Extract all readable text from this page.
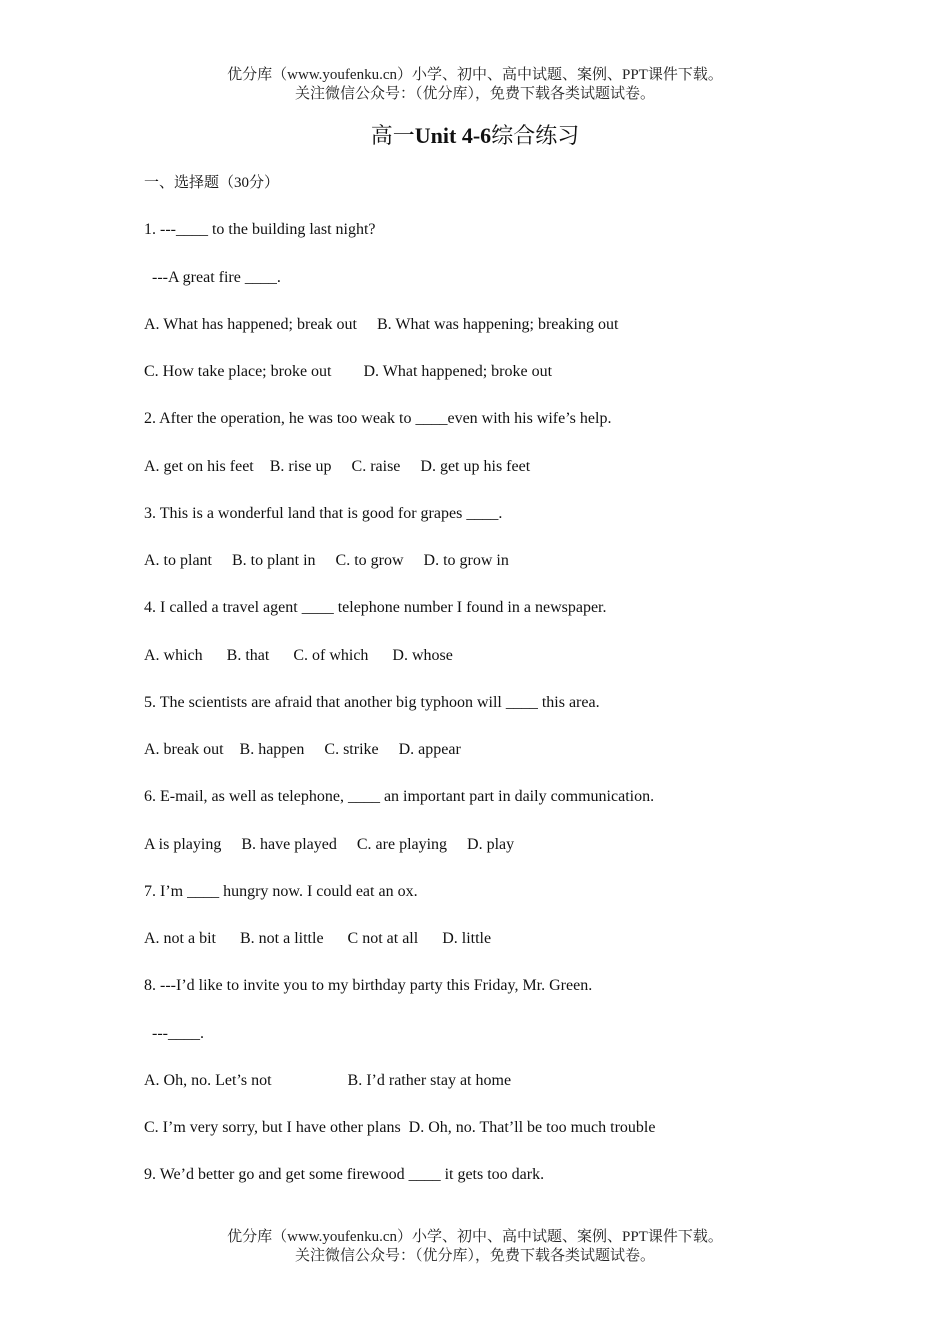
优分库（www.youfenku.cn）小学、初中、高中试题、案例、PPT课件下载。
关注微信公众号：（优分库），免费下载各类试题试卷。
高一Unit 4-6综合练习
一、选择题（30分）
1. ---____ to the building last night?
---A great fire ____.
A. What has happened; break out     B. What was happening; breaking out
C. How take place; broke out        D. What happened; broke out
2. After the operation, he was too weak to ____even with his wife’s help.
A. get on his feet    B. rise up     C. raise     D. get up his feet
3. This is a wonderful land that is good for grapes ____.
A. to plant     B. to plant in     C. to grow     D. to grow in
4. I called a travel agent ____ telephone number I found in a newspaper.
A. which      B. that      C. of which      D. whose
5. The scientists are afraid that another big typhoon will ____ this area.
A. break out    B. happen     C. strike     D. appear
6. E-mail, as well as telephone, ____ an important part in daily communication.
A is playing     B. have played     C. are playing     D. play
7. I’m ____ hungry now. I could eat an ox.
A. not a bit      B. not a little      C not at all      D. little
8. ---I’d like to invite you to my birthday party this Friday, Mr. Green.
---____.
A. Oh, no. Let’s not                   B. I’d rather stay at home
C. I’m very sorry, but I have other plans  D. Oh, no. That’ll be too much trouble
9. We’d better go and get some firewood ____ it gets too dark.
优分库（www.youfenku.cn）小学、初中、高中试题、案例、PPT课件下载。
关注微信公众号：（优分库），免费下载各类试题试卷。
